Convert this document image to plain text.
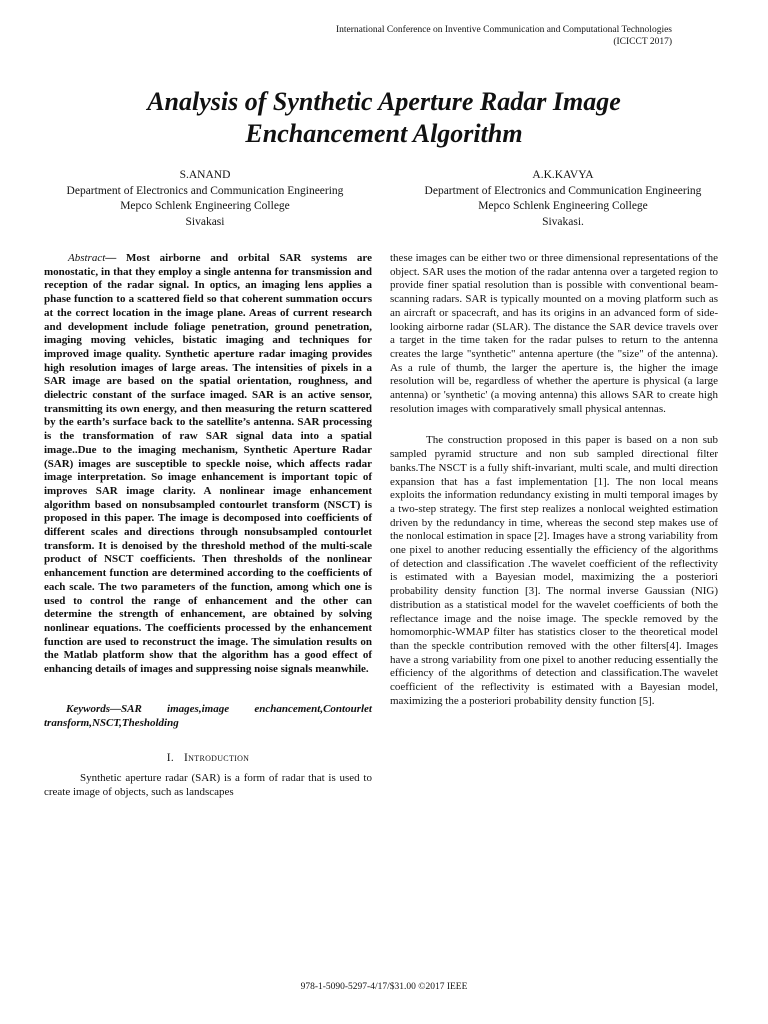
International Conference on Inventive Communication and Computational Technologies
(ICICCT 2017)
Analysis of Synthetic Aperture Radar Image
Enchancement Algorithm
S.ANAND
Department of Electronics and Communication Engineering
Mepco Schlenk Engineering College
Sivakasi
A.K.KAVYA
Department of Electronics and Communication Engineering
Mepco Schlenk Engineering College
Sivakasi.

Abstract— Most airborne and orbital SAR systems are monostatic, in that they employ a single antenna for transmission and reception of the radar signal. In optics, an imaging lens applies a phase function to a scattered field so that coherent summation occurs at the correct location in the image plane. Areas of current research and development include foliage penetration, ground penetration, imaging moving vehicles, bistatic imaging and techniques for improved image quality. Synthetic aperture radar imaging provides high resolution images of large areas. The intensities of pixels in a SAR image are based on the spatial orientation, roughness, and dielectric constant of the surface imaged. SAR is an active sensor, transmitting its own energy, and then measuring the return scattered by the earth’s surface back to the satellite’s antenna. SAR processing is the transformation of raw SAR signal data into a spatial image..Due to the imaging mechanism, Synthetic Aperture Radar (SAR) images are susceptible to speckle noise, which affects radar image interpretation. So image enhancement is important topic of improves SAR image clarity. A nonlinear image enhancement algorithm based on nonsubsampled contourlet transform (NSCT) is proposed in this paper. The image is decomposed into coefficients of different scales and directions through nonsubsampled contourlet transform. It is denoised by the threshold method of the multi-scale product of NSCT coefficients. Then thresholds of the nonlinear enhancement function are determined according to the coefficients of each scale. The two parameters of the function, among which one is used to control the range of enhancement and the other can determine the strength of enhancement, are obtained by solving nonlinear equations. The coefficients processed by the enhancement function are used to reconstruct the image. The simulation results on the Matlab platform show that the algorithm has a good effect of enhancing details of images and suppressing noise signals meanwhile.

Keywords—SAR images,image enchancement,Contourlet transform,NSCT,Thesholding

I. Introduction

Synthetic aperture radar (SAR) is a form of radar that is used to create image of objects, such as landscapes

these images can be either two or three dimensional representations of the object. SAR uses the motion of the radar antenna over a targeted region to provide finer spatial resolution than is possible with conventional beam-scanning radars. SAR is typically mounted on a moving platform such as an aircraft or spacecraft, and has its origins in an advanced form of side-looking airborne radar (SLAR). The distance the SAR device travels over a target in the time taken for the radar pulses to return to the antenna creates the large "synthetic" antenna aperture (the "size" of the antenna). As a rule of thumb, the larger the aperture is, the higher the image resolution will be, regardless of whether the aperture is physical (a large antenna) or 'synthetic' (a moving antenna) this allows SAR to create high resolution images with comparatively small physical antennas.

The construction proposed in this paper is based on a non sub sampled pyramid structure and non sub sampled directional filter banks.The NSCT is a fully shift-invariant, multi scale, and multi direction expansion that has a fast implementation [1]. The non local means exploits the information redundancy existing in multi temporal images by a two-step strategy. The first step realizes a nonlocal weighted estimation driven by the redundancy in time, whereas the second step makes use of the nonlocal estimation in space [2]. Images have a strong variability from one pixel to another reducing essentially the efficiency of the algorithms of detection and classification .The wavelet coefficient of the reflectivity is estimated with a Bayesian model, maximizing the a posteriori probability density function [3]. The normal inverse Gaussian (NIG) distribution as a statistical model for the wavelet coefficients of both the reflectance image and the noise image. The speckle removed by the homomorphic-WMAP filter has statistics closer to the theoretical model than the speckle contribution removed with the other filters[4]. Images have a strong variability from one pixel to another reducing essentially the efficiency of the algorithms of detection and classification.The wavelet coefficient of the reflectivity is estimated with a Bayesian model, maximizing the a posteriori probability density function [5].

978-1-5090-5297-4/17/$31.00 ©2017 IEEE
